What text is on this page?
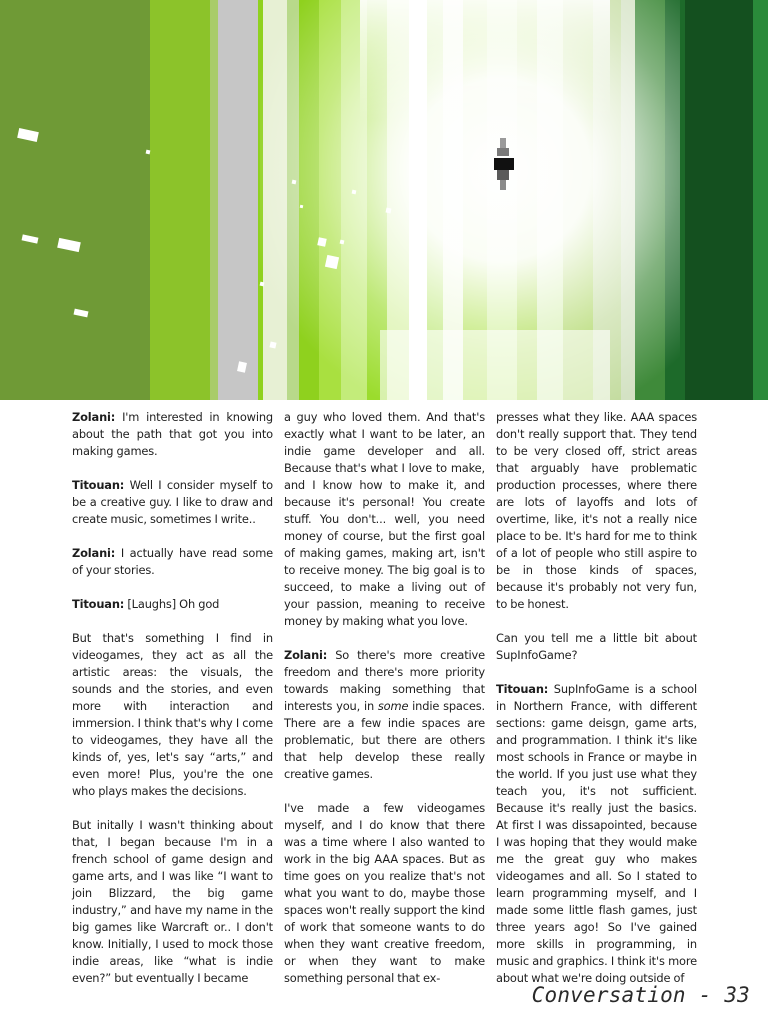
Zolani: I'm interested in knowing about the path that got you into making games.

Titouan: Well I consider myself to be a creative guy. I like to draw and create music, sometimes I write..

Zolani: I actually have read some of your stories.

Titouan: [Laughs] Oh god

But that's something I find in videogames, they act as all the artistic areas: the visuals, the sounds and the stories, and even more with interaction and immersion. I think that's why I come to videogames, they have all the kinds of, yes, let's say “arts,” and even more! Plus, you're the one who plays makes the decisions.

But initally I wasn't thinking about that, I began because I'm in a french school of game design and game arts, and I was like “I want to join Blizzard, the big game industry,” and have my name in the big games like Warcraft or.. I don't know. Initially, I used to mock those indie areas, like “what is indie even?” but eventually I became

a guy who loved them. And that's exactly what I want to be later, an indie game developer and all. Because that's what I love to make, and I know how to make it, and because it's personal! You create stuff. You don't... well, you need money of course, but the first goal of making games, making art, isn't to receive money. The big goal is to succeed, to make a living out of your passion, meaning to receive money by making what you love.

Zolani: So there's more creative freedom and there's more priority towards making something that interests you, in some indie spaces. There are a few indie spaces are problematic, but there are others that help develop these really creative games.

I've made a few videogames myself, and I do know that there was a time where I also wanted to work in the big AAA spaces. But as time goes on you realize that's not what you want to do, maybe those spaces won't really support the kind of work that someone wants to do when they want creative freedom, or when they want to make something personal that ex-

presses what they like. AAA spaces don't really support that. They tend to be very closed off, strict areas that arguably have problematic production processes, where there are lots of layoffs and lots of overtime, like, it's not a really nice place to be. It's hard for me to think of a lot of people who still aspire to be in those kinds of spaces, because it's probably not very fun, to be honest.

Can you tell me a little bit about SupInfoGame?

Titouan: SupInfoGame is a school in Northern France, with different sections: game deisgn, game arts, and programmation. I think it's like most schools in France or maybe in the world. If you just use what they teach you, it's not sufficient. Because it's really just the basics. At first I was dissapointed, because I was hoping that they would make me the great guy who makes videogames and all. So I stated to learn programming myself, and I made some little flash games, just three years ago! So I've gained more skills in programming, in music and graphics. I think it's more about what we're doing outside of

Conversation - 33
